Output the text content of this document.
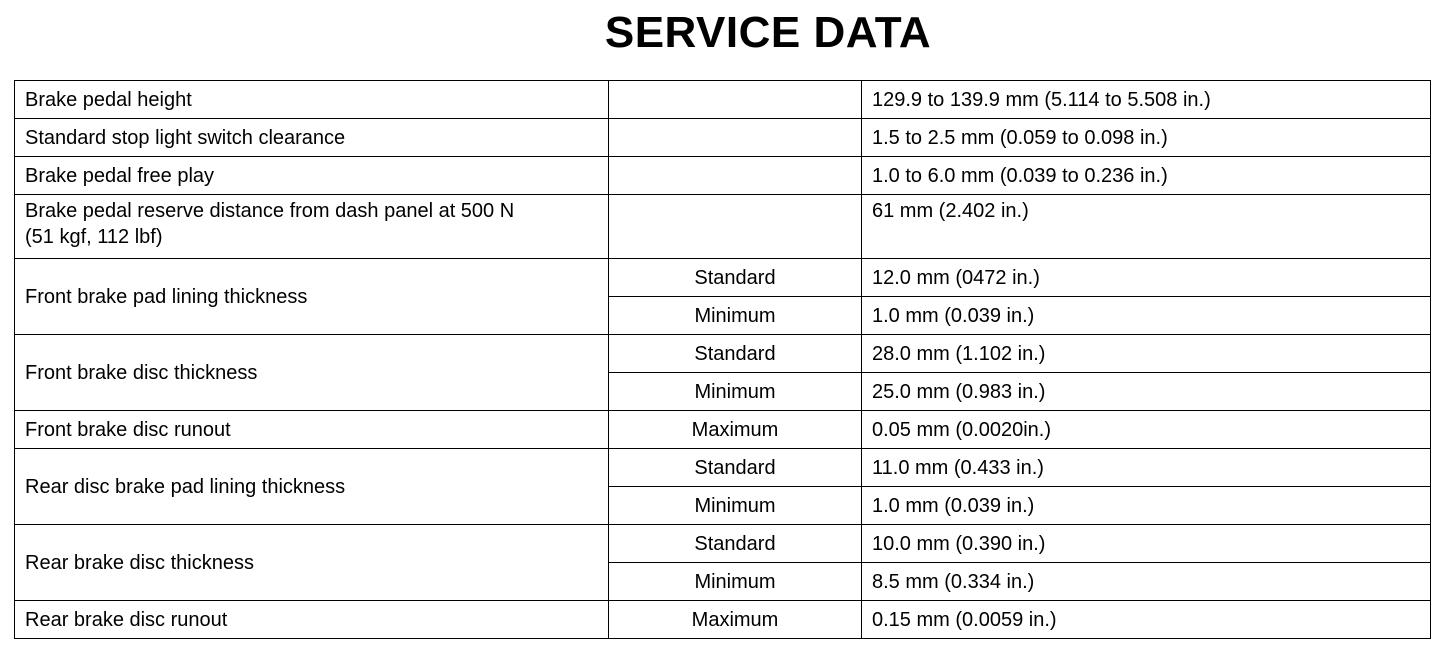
SERVICE DATA
Brake pedal height		129.9 to 139.9 mm (5.114 to 5.508 in.)
Standard stop light switch clearance		1.5 to 2.5 mm (0.059 to 0.098 in.)
Brake pedal free play		1.0 to 6.0 mm (0.039 to 0.236 in.)
Brake pedal reserve distance from dash panel at 500 N
(51 kgf, 112 lbf)		61 mm (2.402 in.)
Front brake pad lining thickness	Standard	12.0 mm (0472 in.)
	Minimum	1.0 mm (0.039 in.)
Front brake disc thickness	Standard	28.0 mm (1.102 in.)
	Minimum	25.0 mm (0.983 in.)
Front brake disc runout	Maximum	0.05 mm (0.0020in.)
Rear disc brake pad lining thickness	Standard	11.0 mm (0.433 in.)
	Minimum	1.0 mm (0.039 in.)
Rear brake disc thickness	Standard	10.0 mm (0.390 in.)
	Minimum	8.5 mm (0.334 in.)
Rear brake disc runout	Maximum	0.15 mm (0.0059 in.)
